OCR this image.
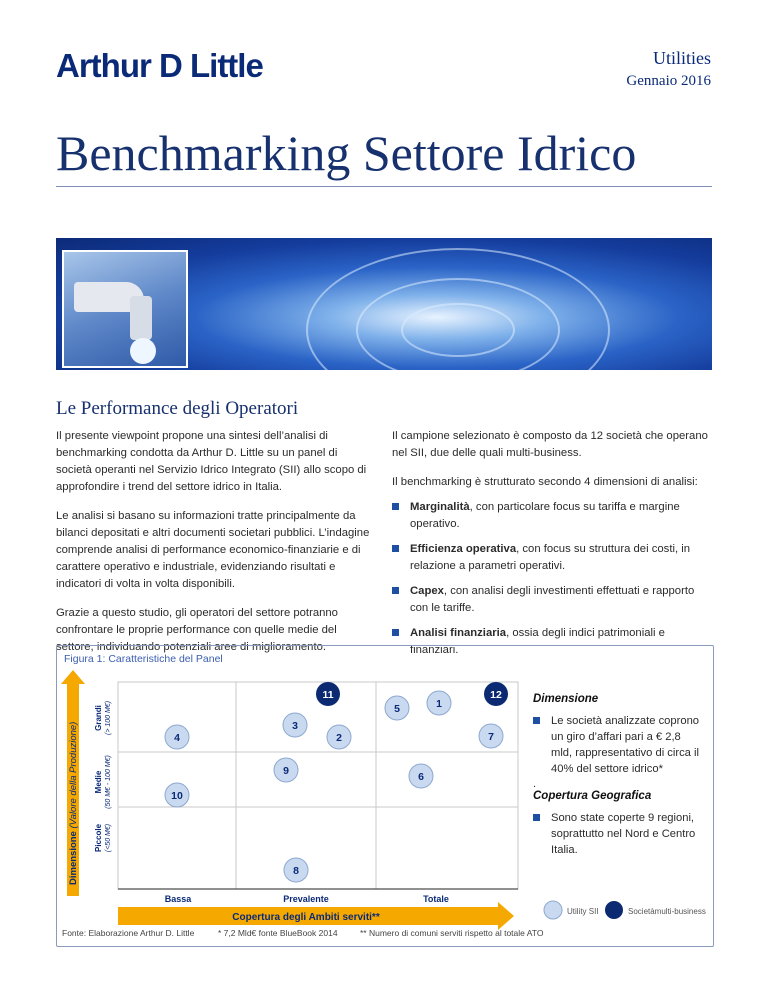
Arthur D Little	Utilities
Gennaio 2016
Benchmarking Settore Idrico
Le Performance degli Operatori

Il presente viewpoint propone una sintesi dell’analisi di benchmarking condotta da Arthur D. Little su un panel di società operanti nel Servizio Idrico Integrato (SII) allo scopo di approfondire i trend del settore idrico in Italia.

Le analisi si basano su informazioni tratte principalmente da bilanci depositati e altri documenti societari pubblici. L’indagine comprende analisi di performance economico-finanziarie e di carattere operativo e industriale, evidenziando risultati e indicatori di volta in volta disponibili.

Grazie a questo studio, gli operatori del settore potranno confrontare le proprie performance con quelle medie del settore, individuando potenziali aree di miglioramento.

Il campione selezionato è composto da 12 società che operano nel SII, due delle quali multi-business.

Il benchmarking è strutturato secondo 4 dimensioni di analisi:

Marginalità, con particolare focus su tariffa e margine operativo.
Efficienza operativa, con focus su struttura dei costi, in relazione a parametri operativi.
Capex, con analisi degli investimenti effettuati e rapporto con le tariffe.
Analisi finanziaria, ossia degli indici patrimoniali e finanziari.
Figura 1: Caratteristiche del Panel
Dimensione (Valore della Produzione)
Grandi (> 100 M€)
Medie (50 M€ - 100 M€)
Piccole (<50 M€)
Bassa	Prevalente	Totale
Copertura degli Ambiti serviti**
11	12
5	1
3
4	2	7
9	6
10
8
Dimensione
Le società analizzate coprono un giro d’affari pari a € 2,8 mld, rappresentativo di circa il 40% del settore idrico*
.
Copertura Geografica
Sono state coperte 9 regioni, soprattutto nel Nord e Centro Italia.
Utility SII	Societàmulti-business
Fonte: Elaborazione Arthur D. Little	* 7,2 Mld€ fonte BlueBook 2014	** Numero di comuni serviti rispetto al totale ATO
